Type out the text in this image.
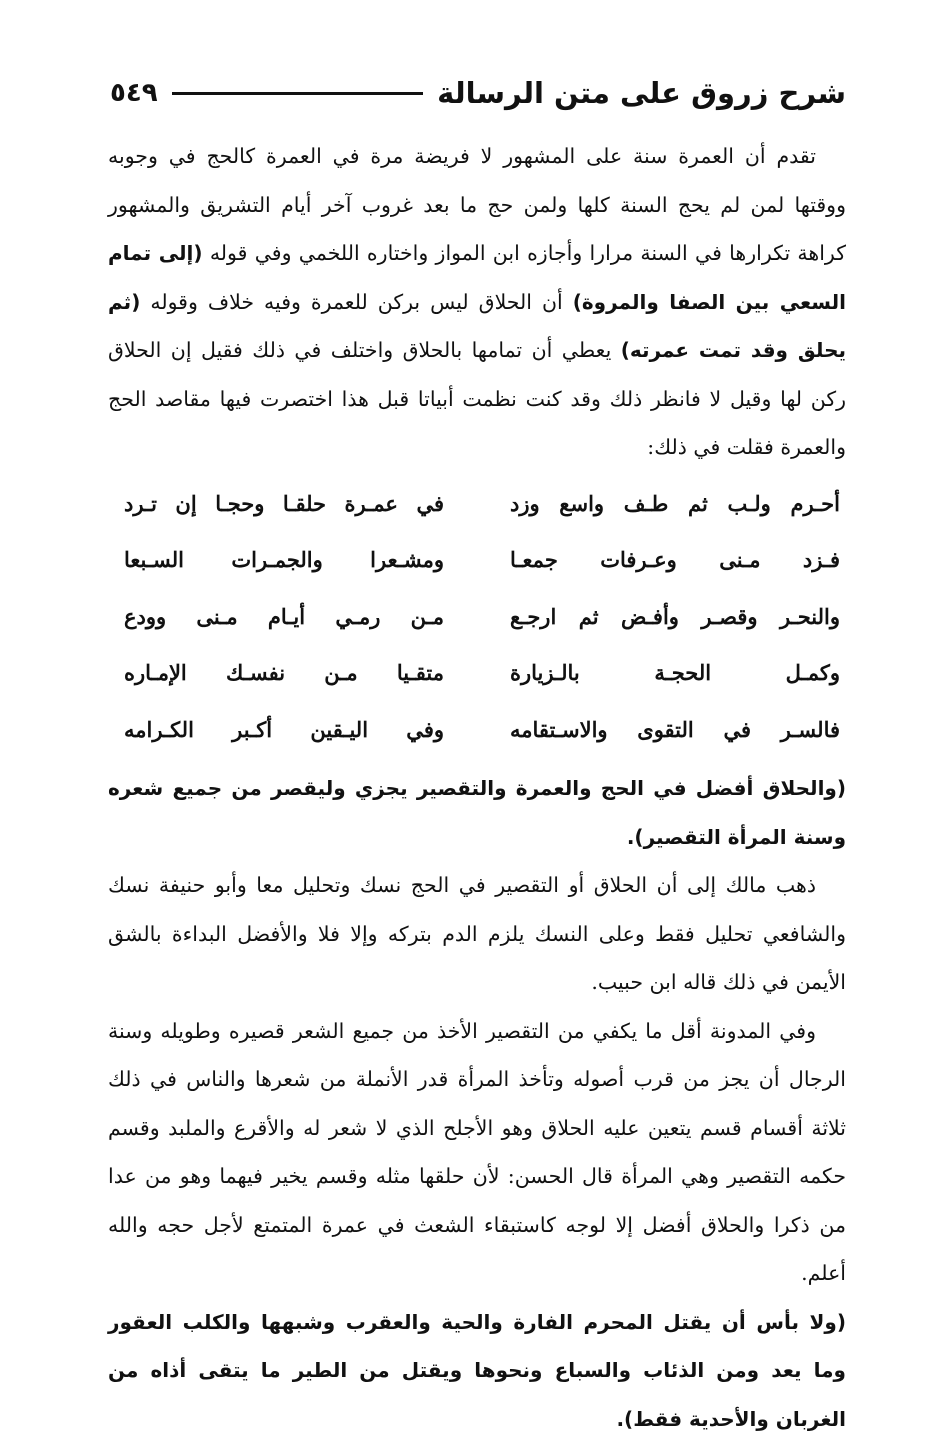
شرح زروق على متن الرسالة
٥٤٩

تقدم أن العمرة سنة على المشهور لا فريضة مرة في العمرة كالحج في وجوبه ووقتها لمن لم يحج السنة كلها ولمن حج ما بعد غروب آخر أيام التشريق والمشهور كراهة تكرارها في السنة مرارا وأجازه ابن المواز واختاره اللخمي وفي قوله (إلى تمام السعي بين الصفا والمروة) أن الحلاق ليس بركن للعمرة وفيه خلاف وقوله (ثم يحلق وقد تمت عمرته) يعطي أن تمامها بالحلاق واختلف في ذلك فقيل إن الحلاق ركن لها وقيل لا فانظر ذلك وقد كنت نظمت أبياتا قبل هذا اختصرت فيها مقاصد الحج والعمرة فقلت في ذلك:

أحـرم ولـب ثم طـف واسع وزد
في عمـرة حلقـا وحجـا إن تـرد
فـزد مـنى وعـرفات جمعـا
ومشـعرا والجمـرات السـبعا
والنحـر وقصـر وأفـض ثم ارجـع
مـن رمـي أيـام مـنى وودع
وكمـل الحجـة بالـزيارة
متقـيا مـن نفسـك الإمـاره
فالسـر في التقوى والاسـتقامه
وفي اليـقين أكـبر الكـرامه

(والحلاق أفضل في الحج والعمرة والتقصير يجزي وليقصر من جميع شعره وسنة المرأة التقصير).

ذهب مالك إلى أن الحلاق أو التقصير في الحج نسك وتحليل معا وأبو حنيفة نسك والشافعي تحليل فقط وعلى النسك يلزم الدم بتركه وإلا فلا والأفضل البداءة بالشق الأيمن في ذلك قاله ابن حبيب.

وفي المدونة أقل ما يكفي من التقصير الأخذ من جميع الشعر قصيره وطويله وسنة الرجال أن يجز من قرب أصوله وتأخذ المرأة قدر الأنملة من شعرها والناس في ذلك ثلاثة أقسام قسم يتعين عليه الحلاق وهو الأجلح الذي لا شعر له والأقرع والملبد وقسم حكمه التقصير وهي المرأة قال الحسن: لأن حلقها مثله وقسم يخير فيهما وهو من عدا من ذكرا والحلاق أفضل إلا لوجه كاستبقاء الشعث في عمرة المتمتع لأجل حجه والله أعلم.

(ولا بأس أن يقتل المحرم الفارة والحية والعقرب وشبهها والكلب العقور وما يعد ومن الذئاب والسباع ونحوها ويقتل من الطير ما يتقى أذاه من الغربان والأحدية فقط).
